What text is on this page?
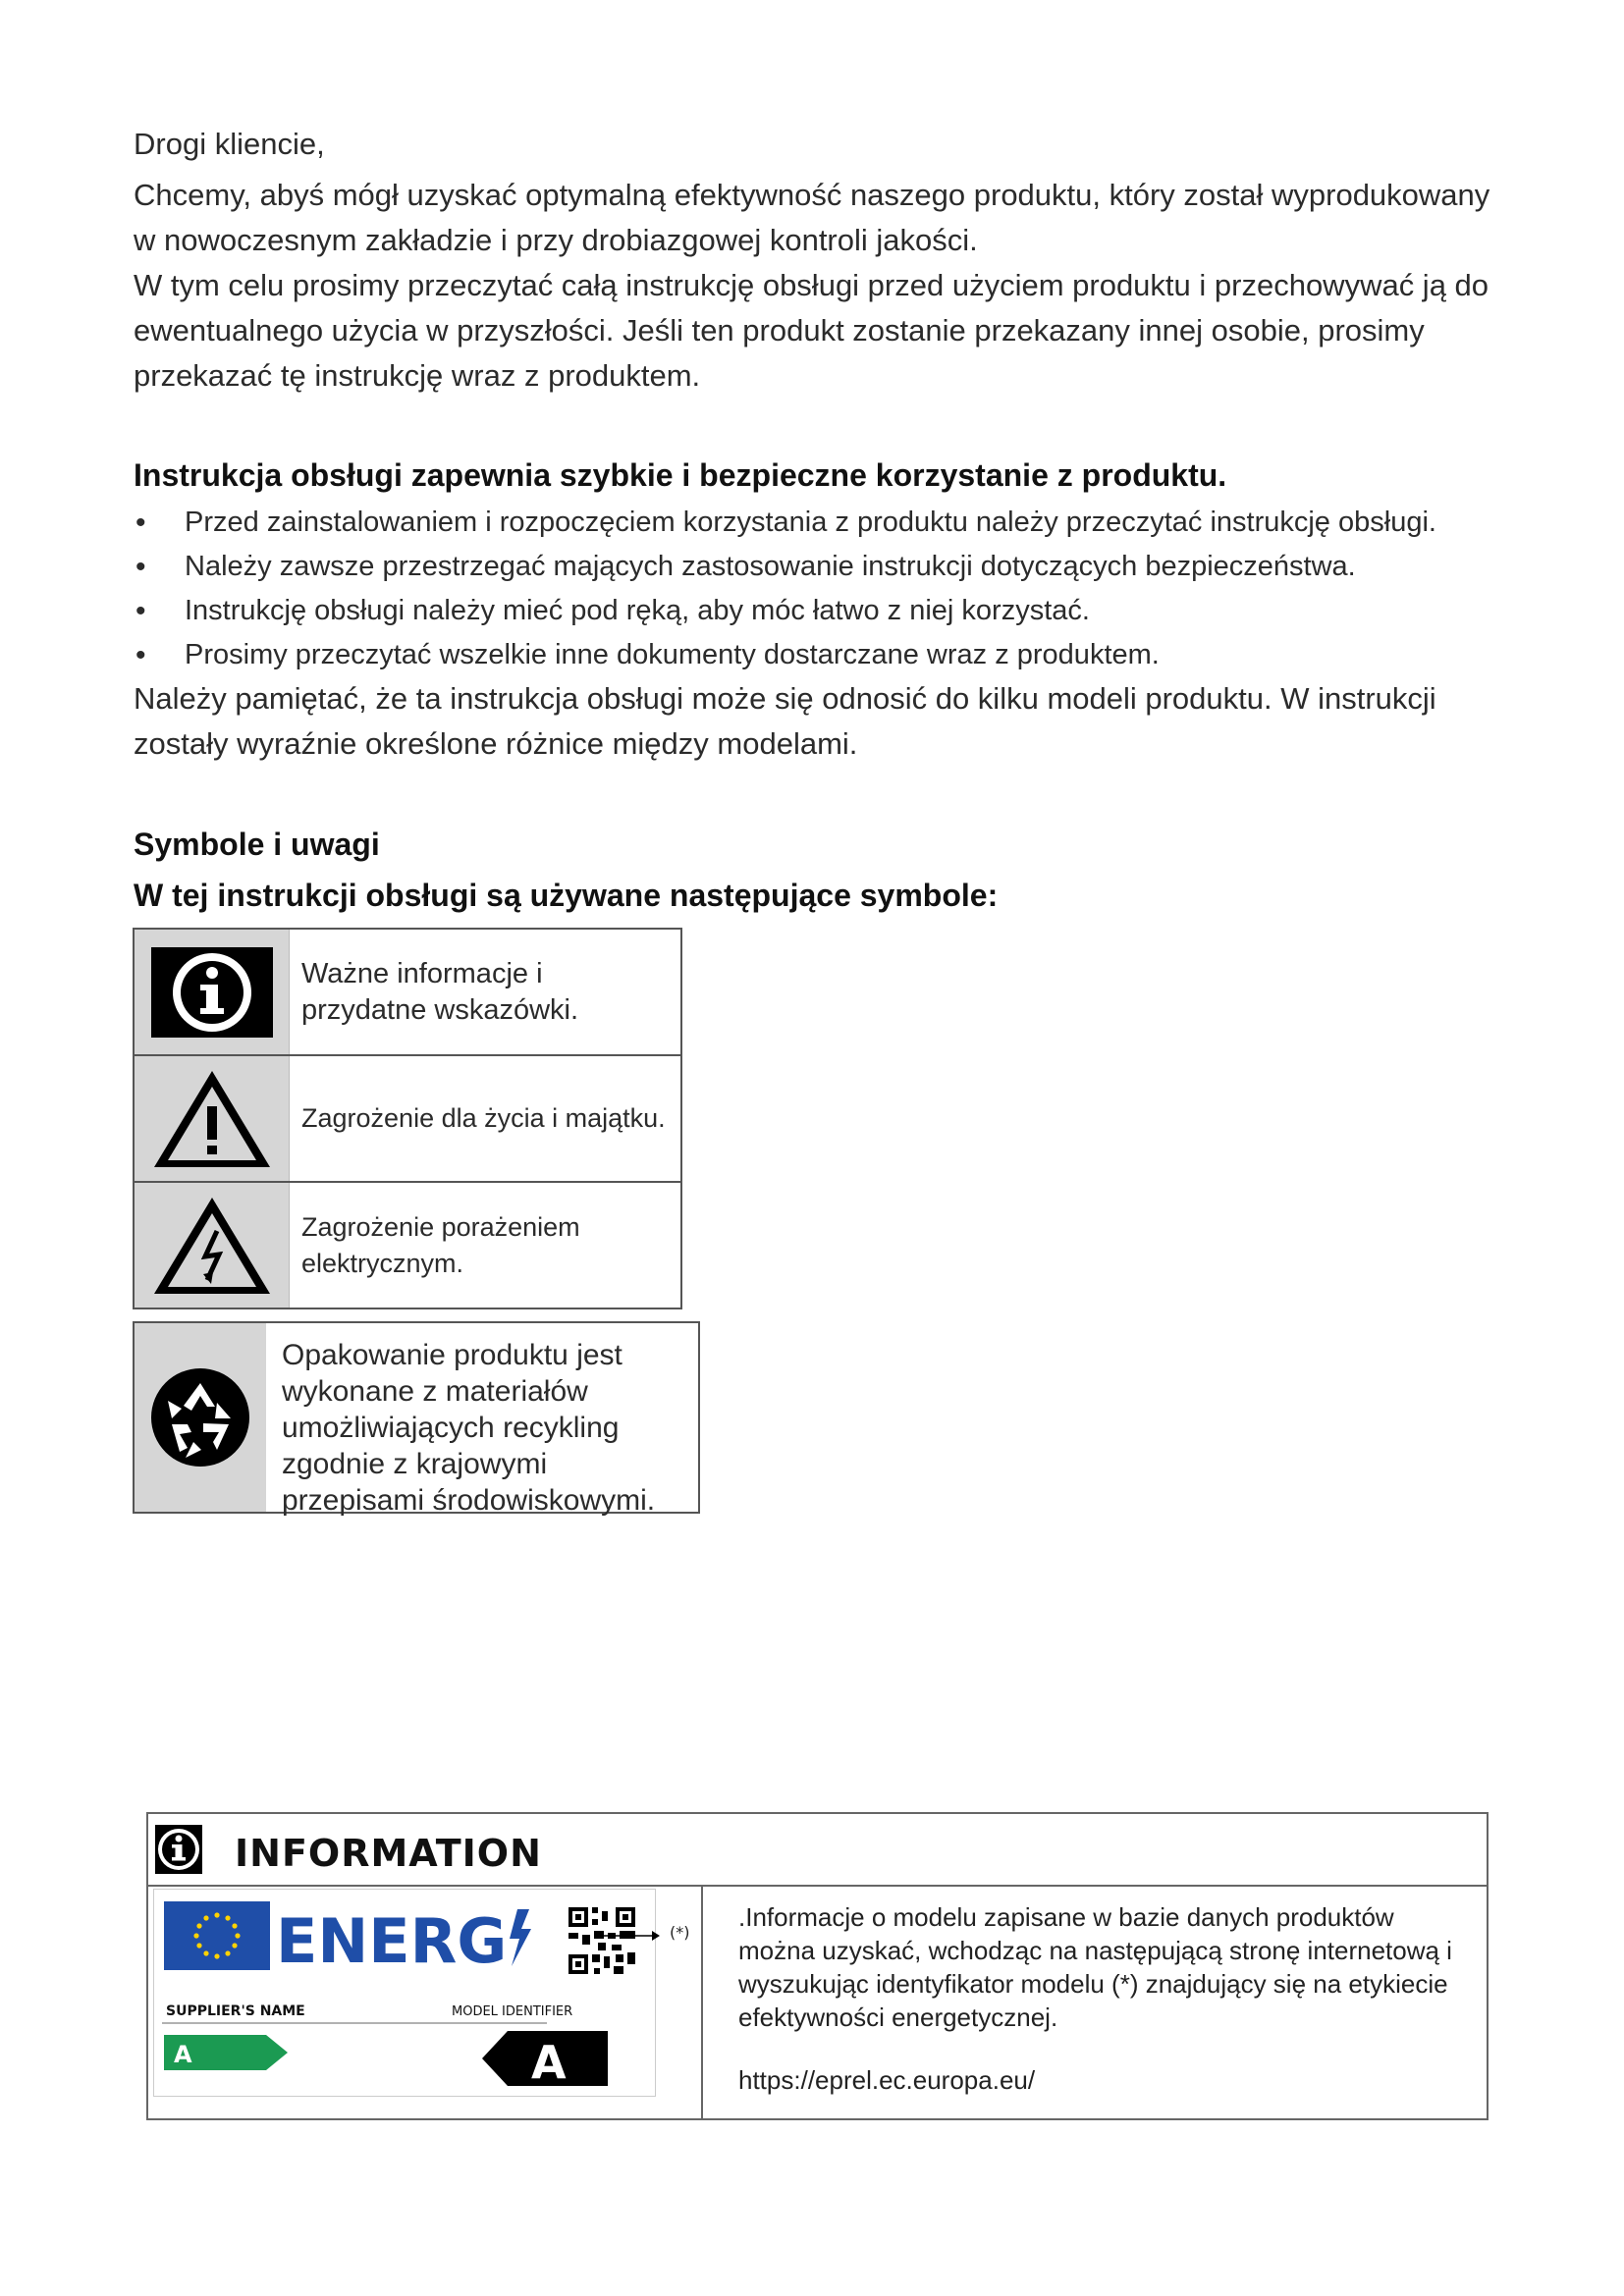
Drogi kliencie,

Chcemy, abyś mógł uzyskać optymalną efektywność naszego produktu, który został wyprodukowany w nowoczesnym zakładzie i przy drobiazgowej kontroli jakości.

W tym celu prosimy przeczytać całą instrukcję obsługi przed użyciem produktu i przechowywać ją do ewentualnego użycia w przyszłości. Jeśli ten produkt zostanie przekazany innej osobie, prosimy przekazać tę instrukcję wraz z produktem.

Instrukcja obsługi zapewnia szybkie i bezpieczne korzystanie z produktu.
• Przed zainstalowaniem i rozpoczęciem korzystania z produktu należy przeczytać instrukcję obsługi.
• Należy zawsze przestrzegać mających zastosowanie instrukcji dotyczących bezpieczeństwa.
• Instrukcję obsługi należy mieć pod ręką, aby móc łatwo z niej korzystać.
• Prosimy przeczytać wszelkie inne dokumenty dostarczane wraz z produktem.

Należy pamiętać, że ta instrukcja obsługi może się odnosić do kilku modeli produktu. W instrukcji zostały wyraźnie określone różnice między modelami.

Symbole i uwagi
W tej instrukcji obsługi są używane następujące symbole:
Ważne informacje i przydatne wskazówki.
Zagrożenie dla życia i majątku.
Zagrożenie porażeniem elektrycznym.
Opakowanie produktu jest wykonane z materiałów umożliwiających recykling zgodnie z krajowymi przepisami środowiskowymi.
INFORMATION
ENERG
SUPPLIER'S NAME	MODEL IDENTIFIER
A	A
(*)
.Informacje o modelu zapisane w bazie danych produktów można uzyskać, wchodząc na następującą stronę internetową i wyszukując identyfikator modelu (*) znajdujący się na etykiecie efektywności energetycznej.
https://eprel.ec.europa.eu/
